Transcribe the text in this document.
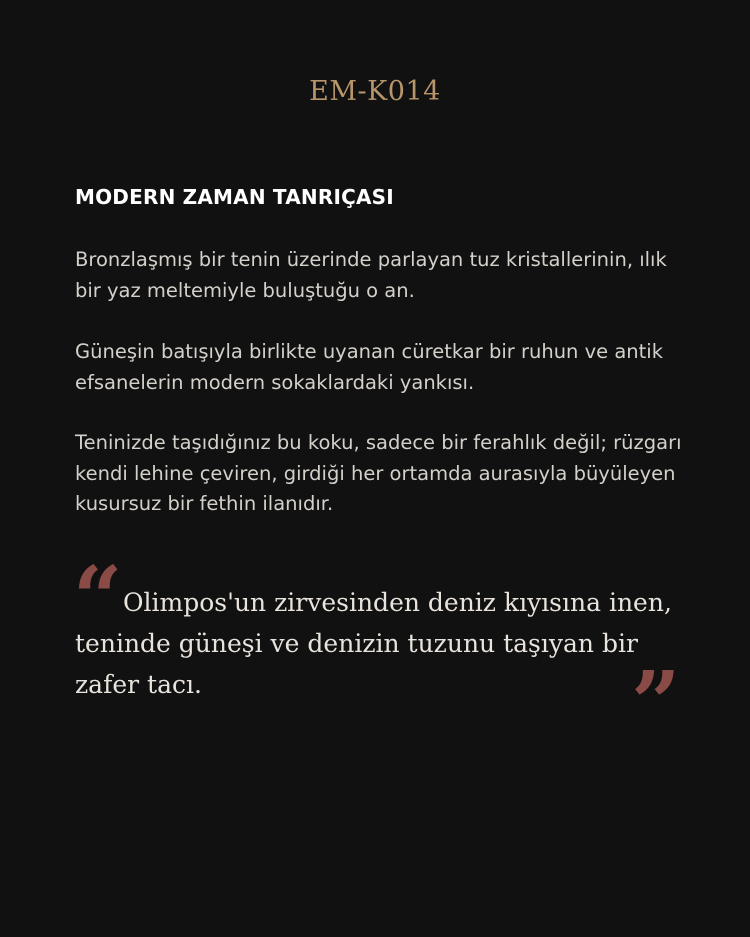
EM-K014
MODERN ZAMAN TANRIÇASI
Bronzlaşmış bir tenin üzerinde parlayan tuz kristallerinin, ılık bir yaz meltemiyle buluştuğu o an.
Güneşin batışıyla birlikte uyanan cüretkar bir ruhun ve antik efsanelerin modern sokaklardaki yankısı.
Teninizde taşıdığınız bu koku, sadece bir ferahlık değil; rüzgarı kendi lehine çeviren, girdiği her ortamda aurasıyla büyüleyen kusursuz bir fethin ilanıdır.
“ Olimpos'un zirvesinden deniz kıyısına inen, teninde güneşi ve denizin tuzunu taşıyan bir zafer tacı.	”
